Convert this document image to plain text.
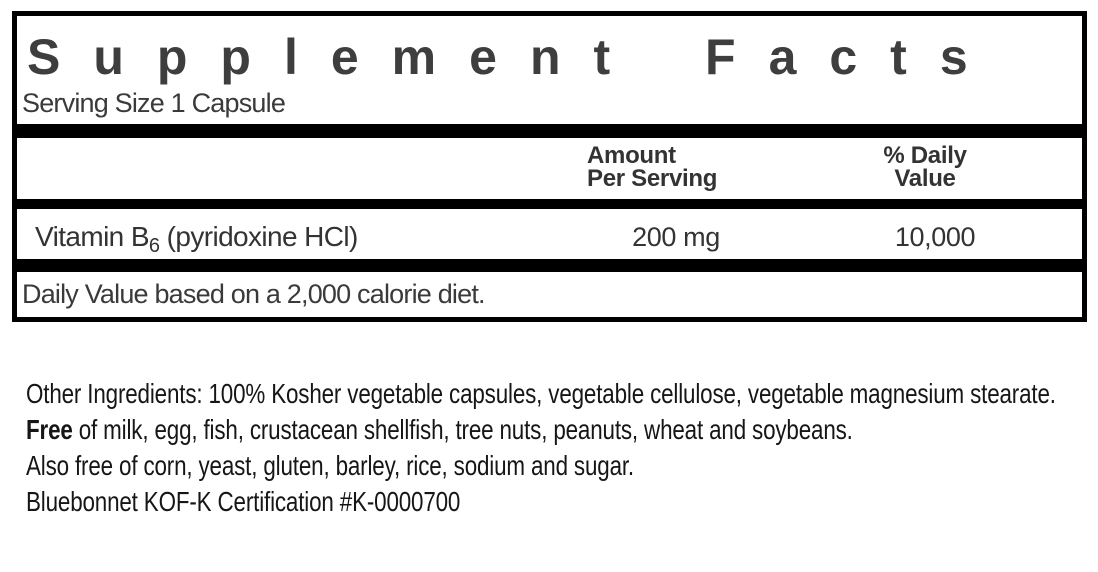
Supplement Facts
Serving Size 1 Capsule
Amount
Per Serving
% Daily
Value
Vitamin $B_6$ (pyridoxine HCl)	200 mg	10,000
Daily Value based on a 2,000 calorie diet.

Other Ingredients: 100% Kosher vegetable capsules, vegetable cellulose, vegetable magnesium stearate.

Free of milk, egg, fish, crustacean shellfish, tree nuts, peanuts, wheat and soybeans.

Also free of corn, yeast, gluten, barley, rice, sodium and sugar.

Bluebonnet KOF-K Certification #K-0000700
